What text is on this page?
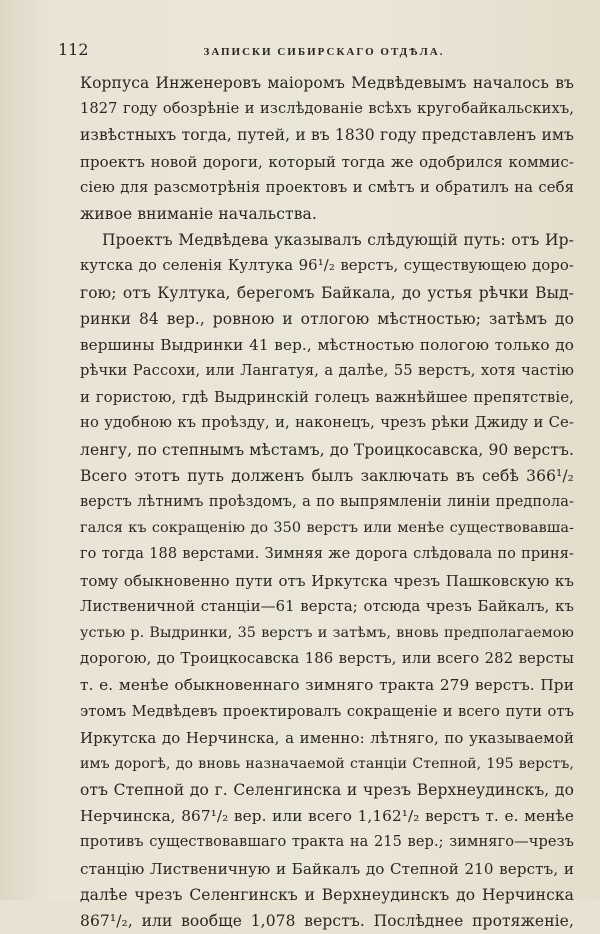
112	ЗАПИСКИ СИБИРСКАГО ОТДѢЛА.
Корпуса Инженеровъ маіоромъ Медвѣдевымъ началось въ
1827 году обозрѣніе и изслѣдованіе всѣхъ кругобайкальскихъ,
извѣстныхъ тогда, путей, и въ 1830 году представленъ имъ
проектъ новой дороги, который тогда же одобрился коммис-
сіею для разсмотрѣнія проектовъ и смѣтъ и обратилъ на себя
живое вниманіе начальства.
Проектъ Медвѣдева указывалъ слѣдующій путь: отъ Ир-
кутска до селенія Култука 96¹/₂ верстъ, существующею доро-
гою; отъ Култука, берегомъ Байкала, до устья рѣчки Выд-
ринки 84 вер., ровною и отлогою мѣстностью; затѣмъ до
вершины Выдринки 41 вер., мѣстностью пологою только до
рѣчки Рассохи, или Лангатуя, а далѣе, 55 верстъ, хотя частію
и гористою, гдѣ Выдринскій голецъ важнѣйшее препятствіе,
но удобною къ проѣзду, и, наконецъ, чрезъ рѣки Джиду и Се-
ленгу, по степнымъ мѣстамъ, до Троицкосавска, 90 верстъ.
Всего этотъ путь долженъ былъ заключать въ себѣ 366¹/₂
верстъ лѣтнимъ проѣздомъ, а по выпрямленіи линіи предпола-
гался къ сокращенію до 350 верстъ или менѣе существовавша-
го тогда 188 верстами. Зимняя же дорога слѣдовала по приня-
тому обыкновенно пути отъ Иркутска чрезъ Пашковскую къ
Лиственичной станціи—61 верста; отсюда чрезъ Байкалъ, къ
устью р. Выдринки, 35 верстъ и затѣмъ, вновь предполагаемою
дорогою, до Троицкосавска 186 верстъ, или всего 282 версты
т. е. менѣе обыкновеннаго зимняго тракта 279 верстъ. При
этомъ Медвѣдевъ проектировалъ сокращеніе и всего пути отъ
Иркутска до Нерчинска, а именно: лѣтняго, по указываемой
имъ дорогѣ, до вновь назначаемой станціи Степной, 195 верстъ,
отъ Степной до г. Селенгинска и чрезъ Верхнеудинскъ, до
Нерчинска, 867¹/₂ вер. или всего 1,162¹/₂ верстъ т. е. менѣе
противъ существовавшаго тракта на 215 вер.; зимняго—чрезъ
станцію Лиственичную и Байкалъ до Степной 210 верстъ, и
далѣе чрезъ Селенгинскъ и Верхнеудинскъ до Нерчинска
867¹/₂, или вообще 1,078 верстъ. Послѣднее протяженіе,
